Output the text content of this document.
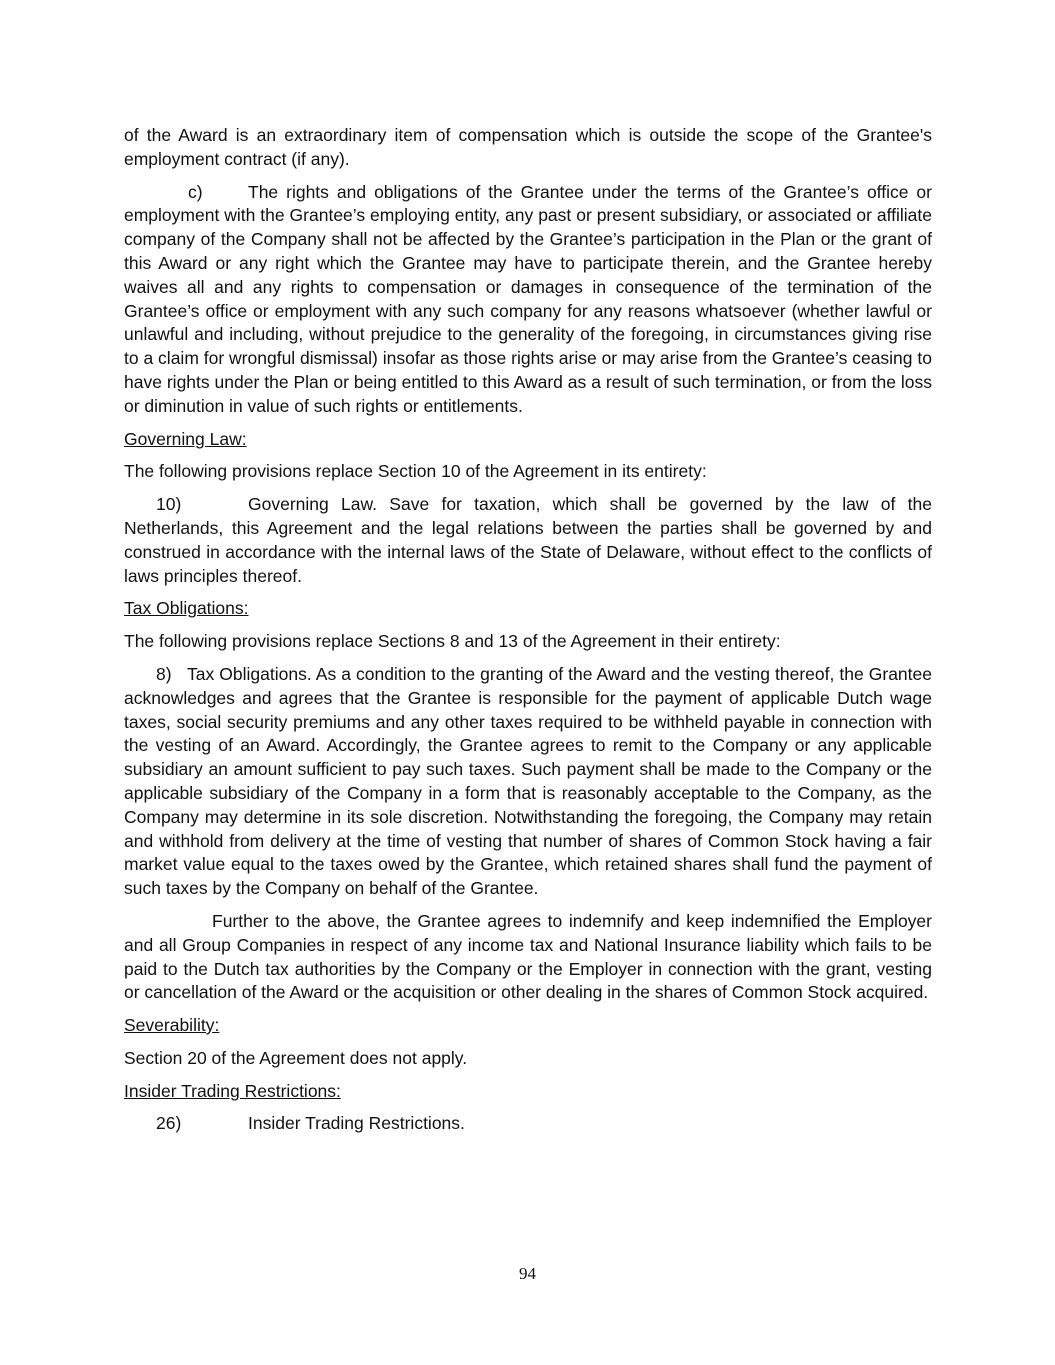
of the Award is an extraordinary item of compensation which is outside the scope of the Grantee's employment contract (if any).

c)	The rights and obligations of the Grantee under the terms of the Grantee’s office or employment with the Grantee’s employing entity, any past or present subsidiary, or associated or affiliate company of the Company shall not be affected by the Grantee’s participation in the Plan or the grant of this Award or any right which the Grantee may have to participate therein, and the Grantee hereby waives all and any rights to compensation or damages in consequence of the termination of the Grantee’s office or employment with any such company for any reasons whatsoever (whether lawful or unlawful and including, without prejudice to the generality of the foregoing, in circumstances giving rise to a claim for wrongful dismissal) insofar as those rights arise or may arise from the Grantee’s ceasing to have rights under the Plan or being entitled to this Award as a result of such termination, or from the loss or diminution in value of such rights or entitlements.

Governing Law:

The following provisions replace Section 10 of the Agreement in its entirety:

10)	Governing Law. Save for taxation, which shall be governed by the law of the Netherlands, this Agreement and the legal relations between the parties shall be governed by and construed in accordance with the internal laws of the State of Delaware, without effect to the conflicts of laws principles thereof.

Tax Obligations:

The following provisions replace Sections 8 and 13 of the Agreement in their entirety:

8) Tax Obligations. As a condition to the granting of the Award and the vesting thereof, the Grantee acknowledges and agrees that the Grantee is responsible for the payment of applicable Dutch wage taxes, social security premiums and any other taxes required to be withheld payable in connection with the vesting of an Award. Accordingly, the Grantee agrees to remit to the Company or any applicable subsidiary an amount sufficient to pay such taxes. Such payment shall be made to the Company or the applicable subsidiary of the Company in a form that is reasonably acceptable to the Company, as the Company may determine in its sole discretion. Notwithstanding the foregoing, the Company may retain and withhold from delivery at the time of vesting that number of shares of Common Stock having a fair market value equal to the taxes owed by the Grantee, which retained shares shall fund the payment of such taxes by the Company on behalf of the Grantee.

Further to the above, the Grantee agrees to indemnify and keep indemnified the Employer and all Group Companies in respect of any income tax and National Insurance liability which fails to be paid to the Dutch tax authorities by the Company or the Employer in connection with the grant, vesting or cancellation of the Award or the acquisition or other dealing in the shares of Common Stock acquired.

Severability:

Section 20 of the Agreement does not apply.

Insider Trading Restrictions:

26)	Insider Trading Restrictions.

94
